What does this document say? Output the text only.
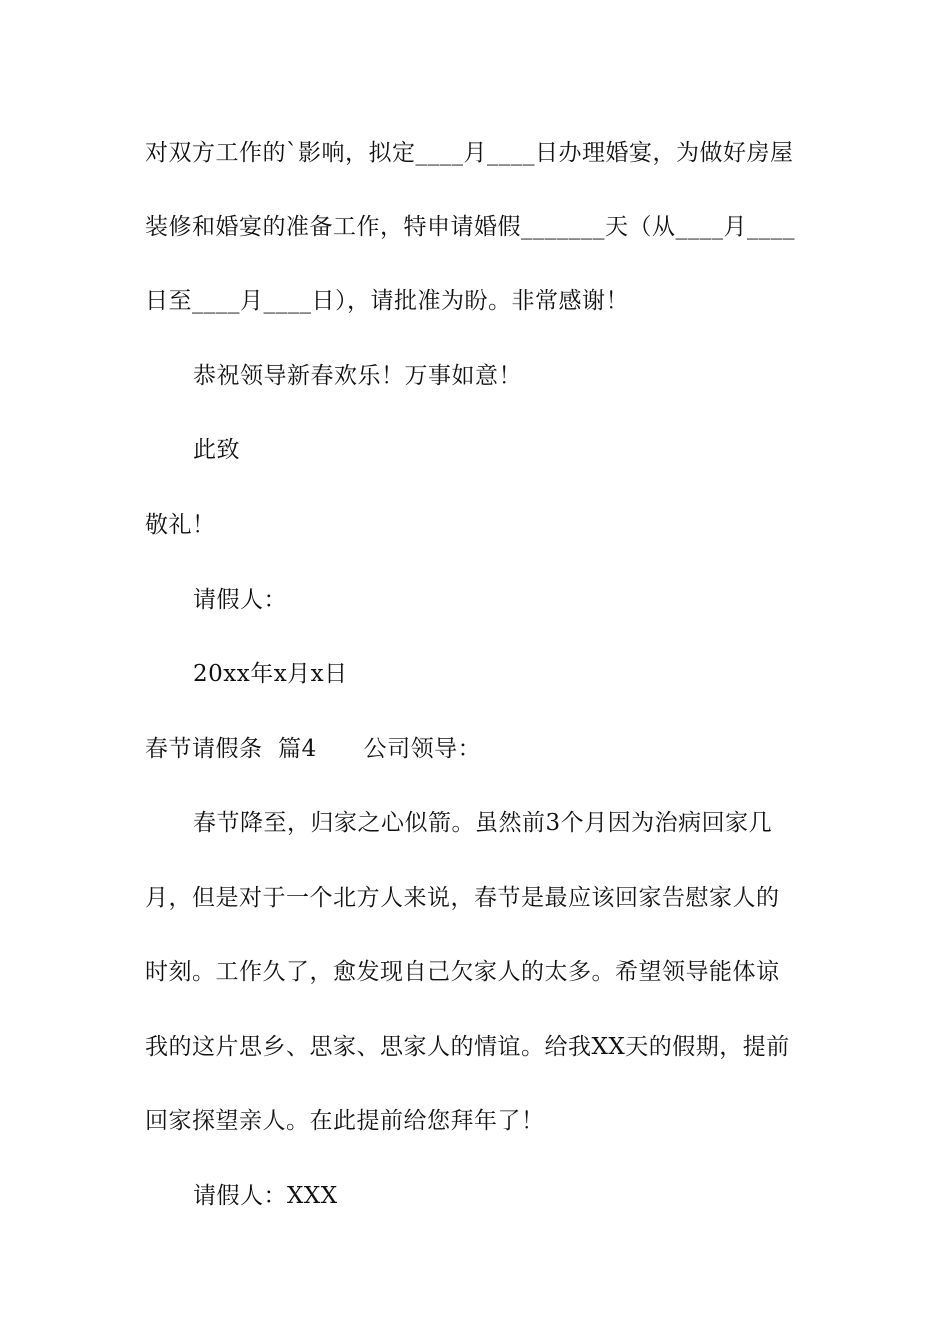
对双方工作的`影响，拟定____月____日办理婚宴，为做好房屋
装修和婚宴的准备工作，特申请婚假_______天（从____月____
日至____月____日），请批准为盼。非常感谢！
恭祝领导新春欢乐！万事如意！
此致
敬礼！
请假人：
20xx年x月x日
春节请假条  篇4      公司领导：
春节降至，归家之心似箭。虽然前3个月因为治病回家几
月，但是对于一个北方人来说，春节是最应该回家告慰家人的
时刻。工作久了，愈发现自己欠家人的太多。希望领导能体谅
我的这片思乡、思家、思家人的情谊。给我XX天的假期，提前
回家探望亲人。在此提前给您拜年了！
请假人：XXX
